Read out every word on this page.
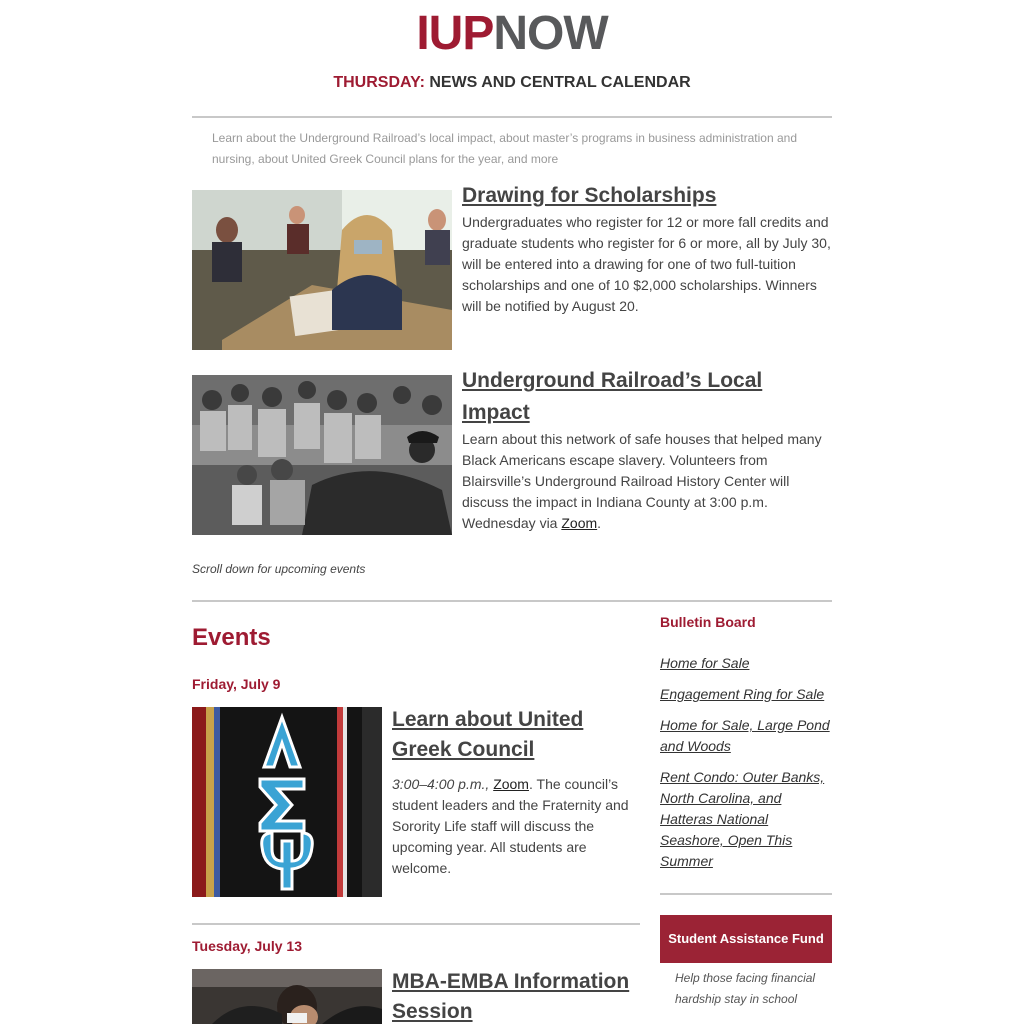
IUPNOW
THURSDAY: NEWS AND CENTRAL CALENDAR
Learn about the Underground Railroad’s local impact, about master’s programs in business administration and nursing, about United Greek Council plans for the year, and more
Drawing for Scholarships
Undergraduates who register for 12 or more fall credits and graduate students who register for 6 or more, all by July 30, will be entered into a drawing for one of two full-tuition scholarships and one of 10 $2,000 scholarships. Winners will be notified by August 20.
Underground Railroad’s Local Impact
Learn about this network of safe houses that helped many Black Americans escape slavery. Volunteers from Blairsville’s Underground Railroad History Center will discuss the impact in Indiana County at 3:00 p.m. Wednesday via Zoom.
Scroll down for upcoming events
Events
Friday, July 9
Learn about United Greek Council
3:00–4:00 p.m., Zoom. The council’s student leaders and the Fraternity and Sorority Life staff will discuss the upcoming year. All students are welcome.
Tuesday, July 13
MBA-EMBA Information Session
Bulletin Board
Home for Sale
Engagement Ring for Sale
Home for Sale, Large Pond and Woods
Rent Condo: Outer Banks, North Carolina, and Hatteras National Seashore, Open This Summer
Student Assistance Fund
Help those facing financial hardship stay in school
